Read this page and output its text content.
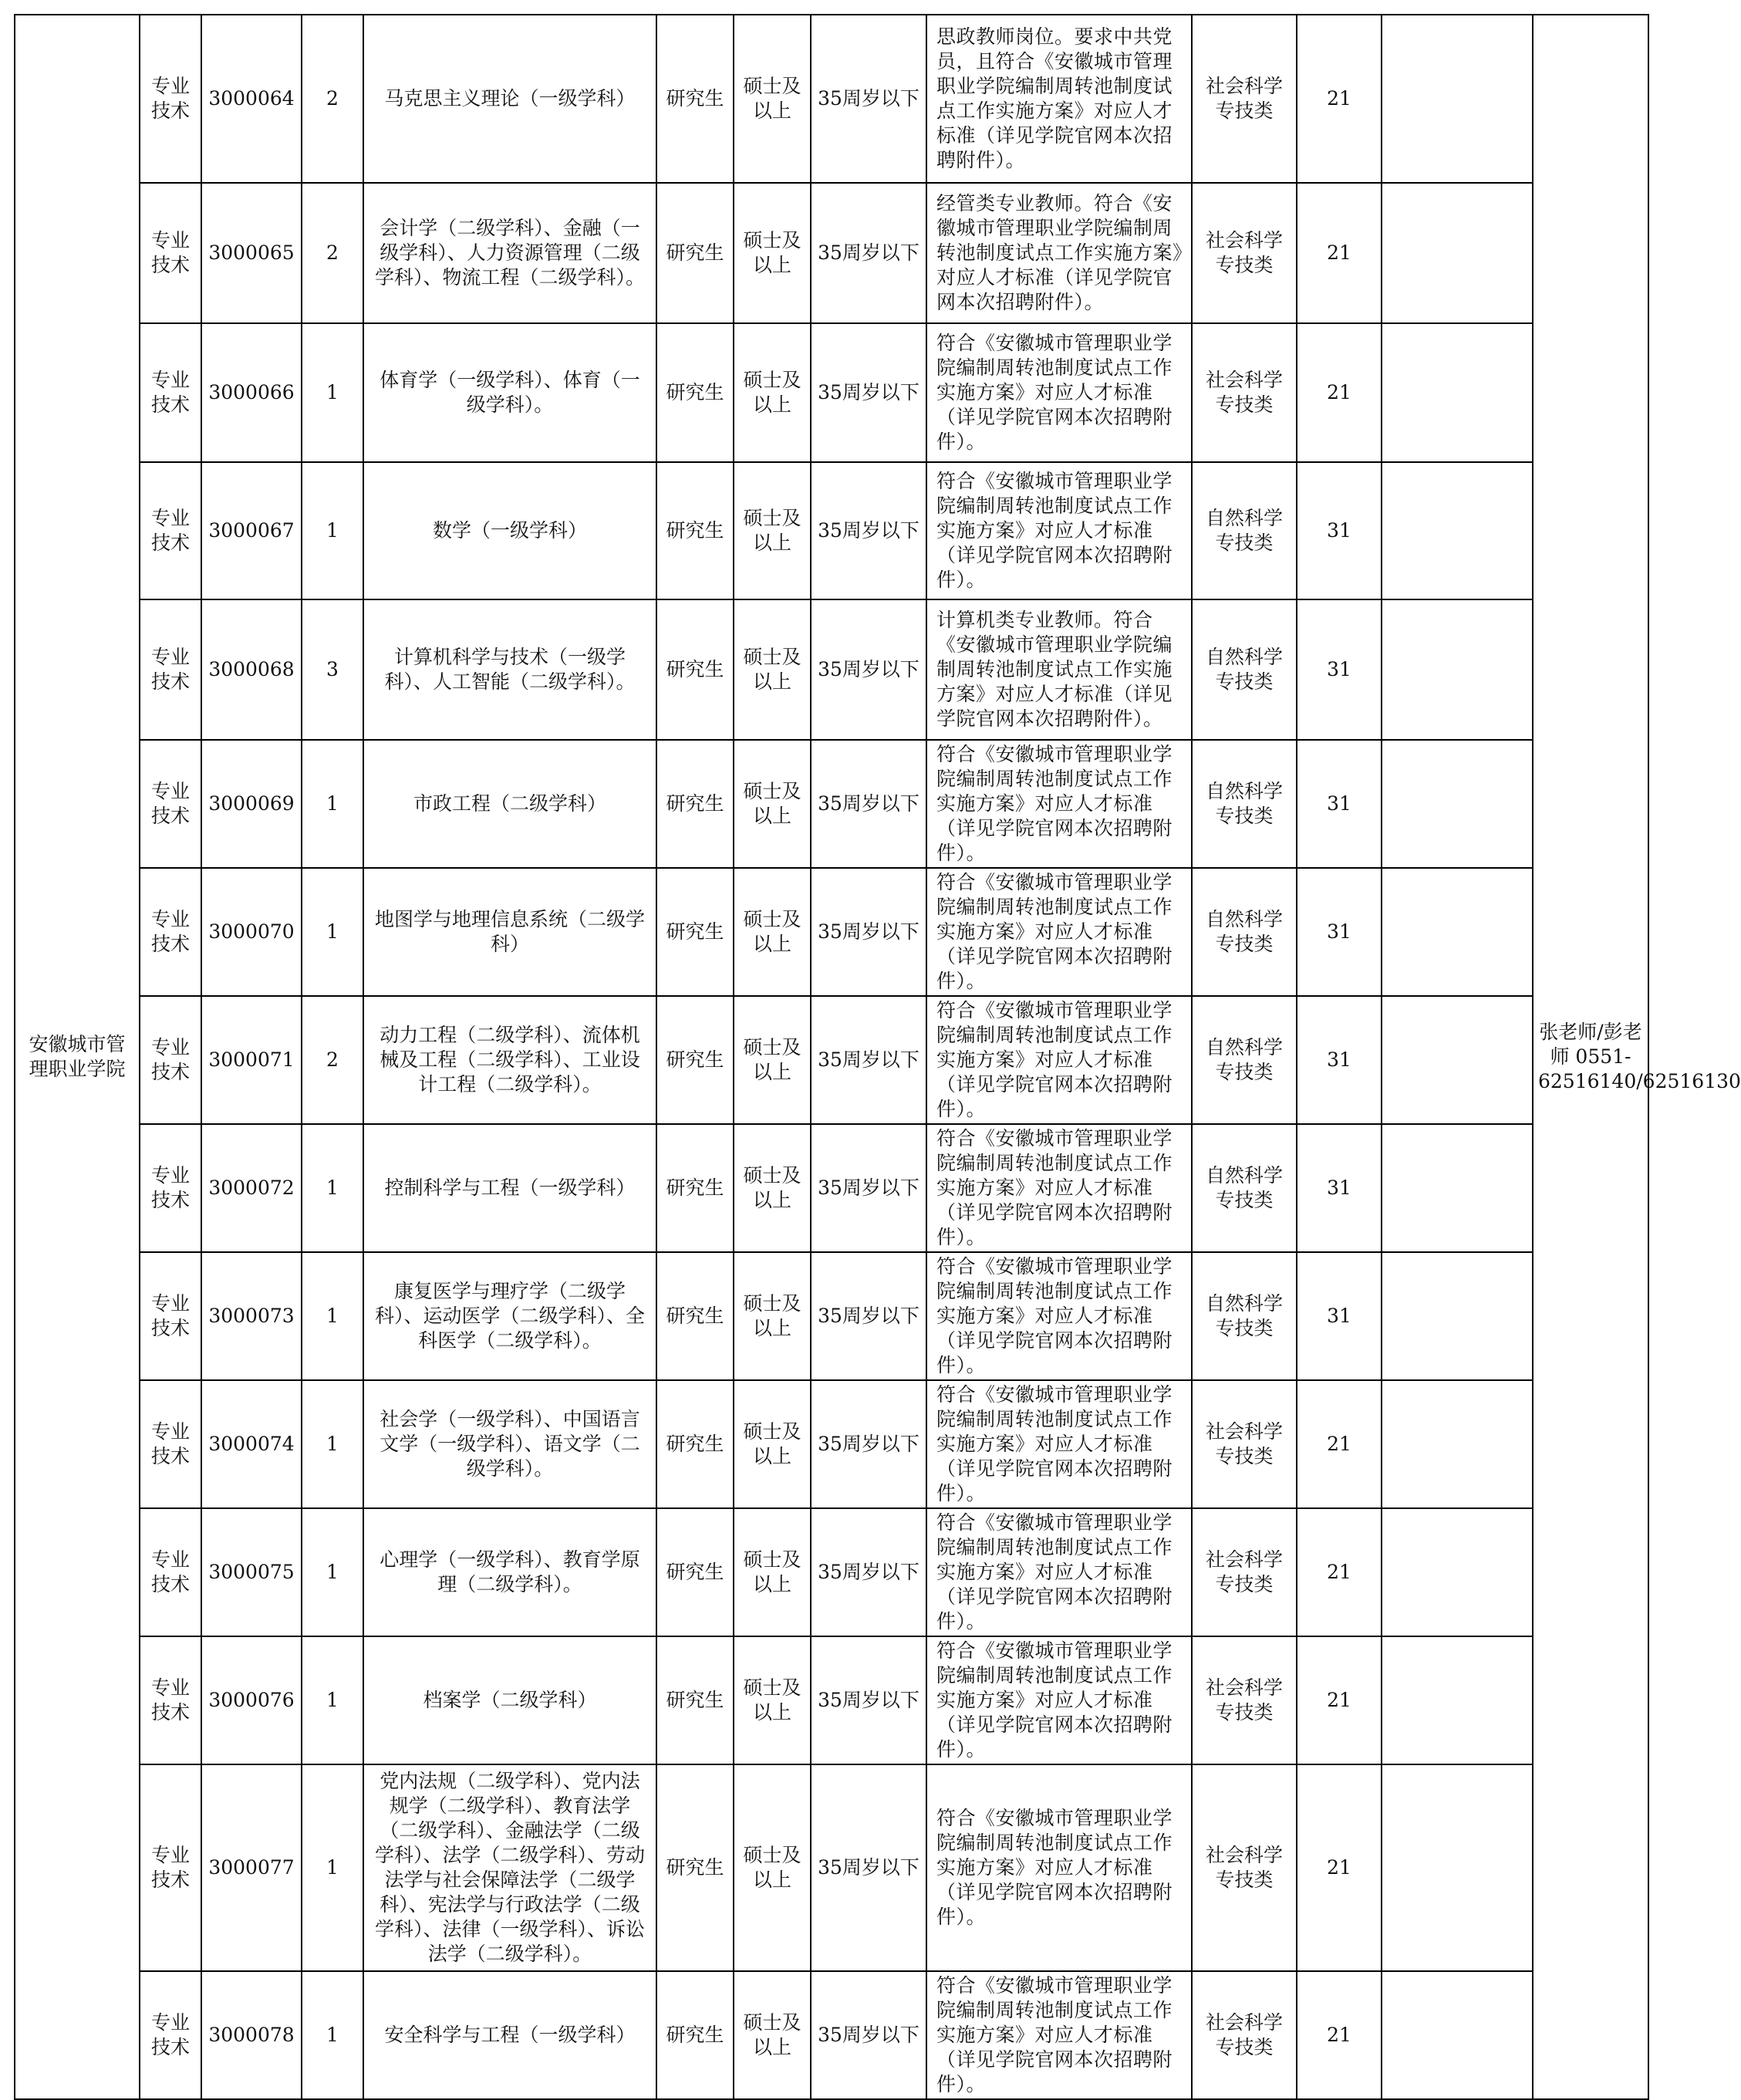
安徽城市管理职业学院	专业技术	3000064	2	马克思主义理论（一级学科）	研究生	硕士及以上	35周岁以下	思政教师岗位。要求中共党员，且符合《安徽城市管理职业学院编制周转池制度试点工作实施方案》对应人才标准（详见学院官网本次招聘附件）。	社会科学专技类	21		张老师/彭老师 0551-62516140/62516130
	专业技术	3000065	2	会计学（二级学科）、金融（一级学科）、人力资源管理（二级学科）、物流工程（二级学科）。	研究生	硕士及以上	35周岁以下	经管类专业教师。符合《安徽城市管理职业学院编制周转池制度试点工作实施方案》对应人才标准（详见学院官网本次招聘附件）。	社会科学专技类	21		
	专业技术	3000066	1	体育学（一级学科）、体育（一级学科）。	研究生	硕士及以上	35周岁以下	符合《安徽城市管理职业学院编制周转池制度试点工作实施方案》对应人才标准（详见学院官网本次招聘附件）。	社会科学专技类	21		
	专业技术	3000067	1	数学（一级学科）	研究生	硕士及以上	35周岁以下	符合《安徽城市管理职业学院编制周转池制度试点工作实施方案》对应人才标准（详见学院官网本次招聘附件）。	自然科学专技类	31		
	专业技术	3000068	3	计算机科学与技术（一级学科）、人工智能（二级学科）。	研究生	硕士及以上	35周岁以下	计算机类专业教师。符合《安徽城市管理职业学院编制周转池制度试点工作实施方案》对应人才标准（详见学院官网本次招聘附件）。	自然科学专技类	31		
	专业技术	3000069	1	市政工程（二级学科）	研究生	硕士及以上	35周岁以下	符合《安徽城市管理职业学院编制周转池制度试点工作实施方案》对应人才标准（详见学院官网本次招聘附件）。	自然科学专技类	31		
	专业技术	3000070	1	地图学与地理信息系统（二级学科）	研究生	硕士及以上	35周岁以下	符合《安徽城市管理职业学院编制周转池制度试点工作实施方案》对应人才标准（详见学院官网本次招聘附件）。	自然科学专技类	31		
	专业技术	3000071	2	动力工程（二级学科）、流体机械及工程（二级学科）、工业设计工程（二级学科）。	研究生	硕士及以上	35周岁以下	符合《安徽城市管理职业学院编制周转池制度试点工作实施方案》对应人才标准（详见学院官网本次招聘附件）。	自然科学专技类	31		
	专业技术	3000072	1	控制科学与工程（一级学科）	研究生	硕士及以上	35周岁以下	符合《安徽城市管理职业学院编制周转池制度试点工作实施方案》对应人才标准（详见学院官网本次招聘附件）。	自然科学专技类	31		
	专业技术	3000073	1	康复医学与理疗学（二级学科）、运动医学（二级学科）、全科医学（二级学科）。	研究生	硕士及以上	35周岁以下	符合《安徽城市管理职业学院编制周转池制度试点工作实施方案》对应人才标准（详见学院官网本次招聘附件）。	自然科学专技类	31		
	专业技术	3000074	1	社会学（一级学科）、中国语言文学（一级学科）、语文学（二级学科）。	研究生	硕士及以上	35周岁以下	符合《安徽城市管理职业学院编制周转池制度试点工作实施方案》对应人才标准（详见学院官网本次招聘附件）。	社会科学专技类	21		
	专业技术	3000075	1	心理学（一级学科）、教育学原理（二级学科）。	研究生	硕士及以上	35周岁以下	符合《安徽城市管理职业学院编制周转池制度试点工作实施方案》对应人才标准（详见学院官网本次招聘附件）。	社会科学专技类	21		
	专业技术	3000076	1	档案学（二级学科）	研究生	硕士及以上	35周岁以下	符合《安徽城市管理职业学院编制周转池制度试点工作实施方案》对应人才标准（详见学院官网本次招聘附件）。	社会科学专技类	21		
	专业技术	3000077	1	党内法规（二级学科）、党内法规学（二级学科）、教育法学（二级学科）、金融法学（二级学科）、法学（二级学科）、劳动法学与社会保障法学（二级学科）、宪法学与行政法学（二级学科）、法律（一级学科）、诉讼法学（二级学科）。	研究生	硕士及以上	35周岁以下	符合《安徽城市管理职业学院编制周转池制度试点工作实施方案》对应人才标准（详见学院官网本次招聘附件）。	社会科学专技类	21		
	专业技术	3000078	1	安全科学与工程（一级学科）	研究生	硕士及以上	35周岁以下	符合《安徽城市管理职业学院编制周转池制度试点工作实施方案》对应人才标准（详见学院官网本次招聘附件）。	社会科学专技类	21		
